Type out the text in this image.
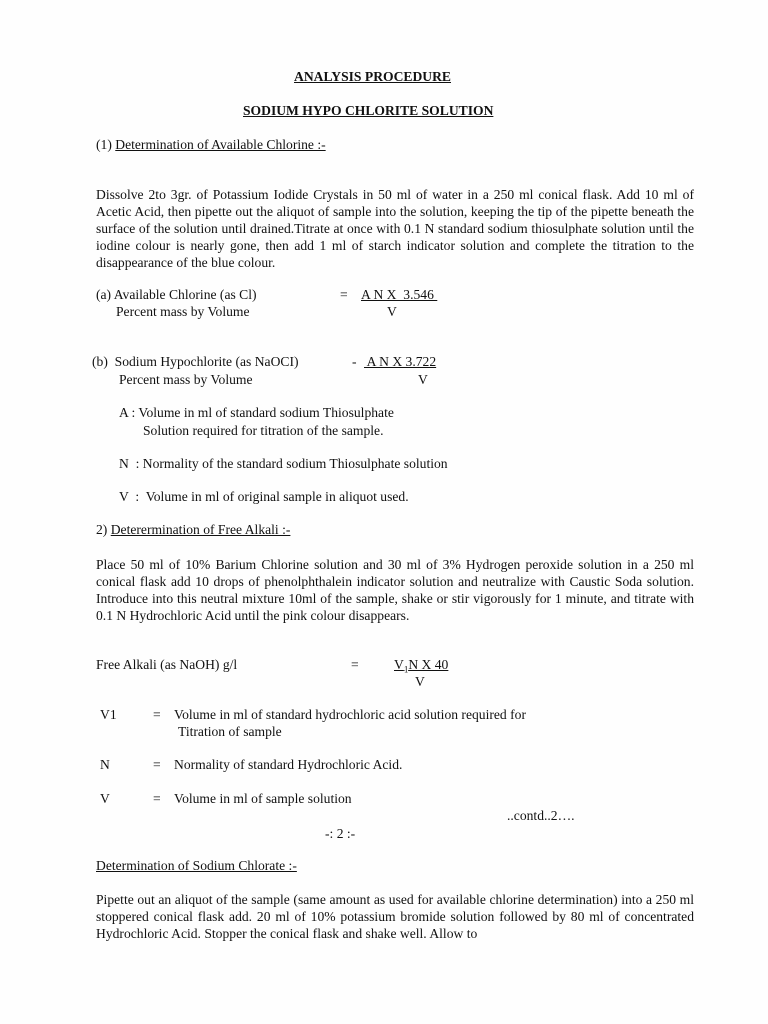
ANALYSIS PROCEDURE
SODIUM HYPO CHLORITE SOLUTION
(1) Determination of Available Chlorine :-
Dissolve 2to 3gr. of Potassium Iodide Crystals in 50 ml of water in a 250 ml conical flask. Add 10 ml of Acetic Acid, then pipette out the aliquot of sample into the solution, keeping the tip of the pipette beneath the surface of the solution until drained.Titrate at once with 0.1 N standard sodium thiosulphate solution until the iodine colour is nearly gone, then add 1 ml of starch indicator solution and complete the titration to the disappearance of the blue colour.
(a) Available Chlorine (as Cl)
Percent mass by Volume
= A N X  3.546
V
(b)  Sodium Hypochlorite (as NaOCI)
Percent mass by Volume
- A N X 3.722
V
A : Volume in ml of standard sodium Thiosulphate
Solution required for titration of the sample.
N  : Normality of the standard sodium Thiosulphate solution
V  :  Volume in ml of original sample in aliquot used.
2) Deterermination of Free Alkali :-
Place 50 ml of 10% Barium Chlorine solution and 30 ml of 3% Hydrogen peroxide solution in a 250 ml conical flask add 10 drops of phenolphthalein indicator solution and neutralize with Caustic Soda solution. Introduce into this neutral mixture 10ml of the sample, shake or stir vigorously for 1 minute, and titrate with 0.1 N Hydrochloric Acid until the pink colour disappears.
Free Alkali (as NaOH) g/l	=	$V_1N$ X 40
V
V1	= Volume in ml of standard hydrochloric acid solution required for
Titration of sample
N	= Normality of standard Hydrochloric Acid.
V	= Volume in ml of sample solution
..contd..2….
-: 2 :-
Determination of Sodium Chlorate :-
Pipette out an aliquot of the sample (same amount as used for available chlorine determination) into a 250 ml stoppered conical flask add. 20 ml of 10% potassium bromide solution followed by 80 ml of concentrated Hydrochloric Acid. Stopper the conical flask and shake well. Allow to
